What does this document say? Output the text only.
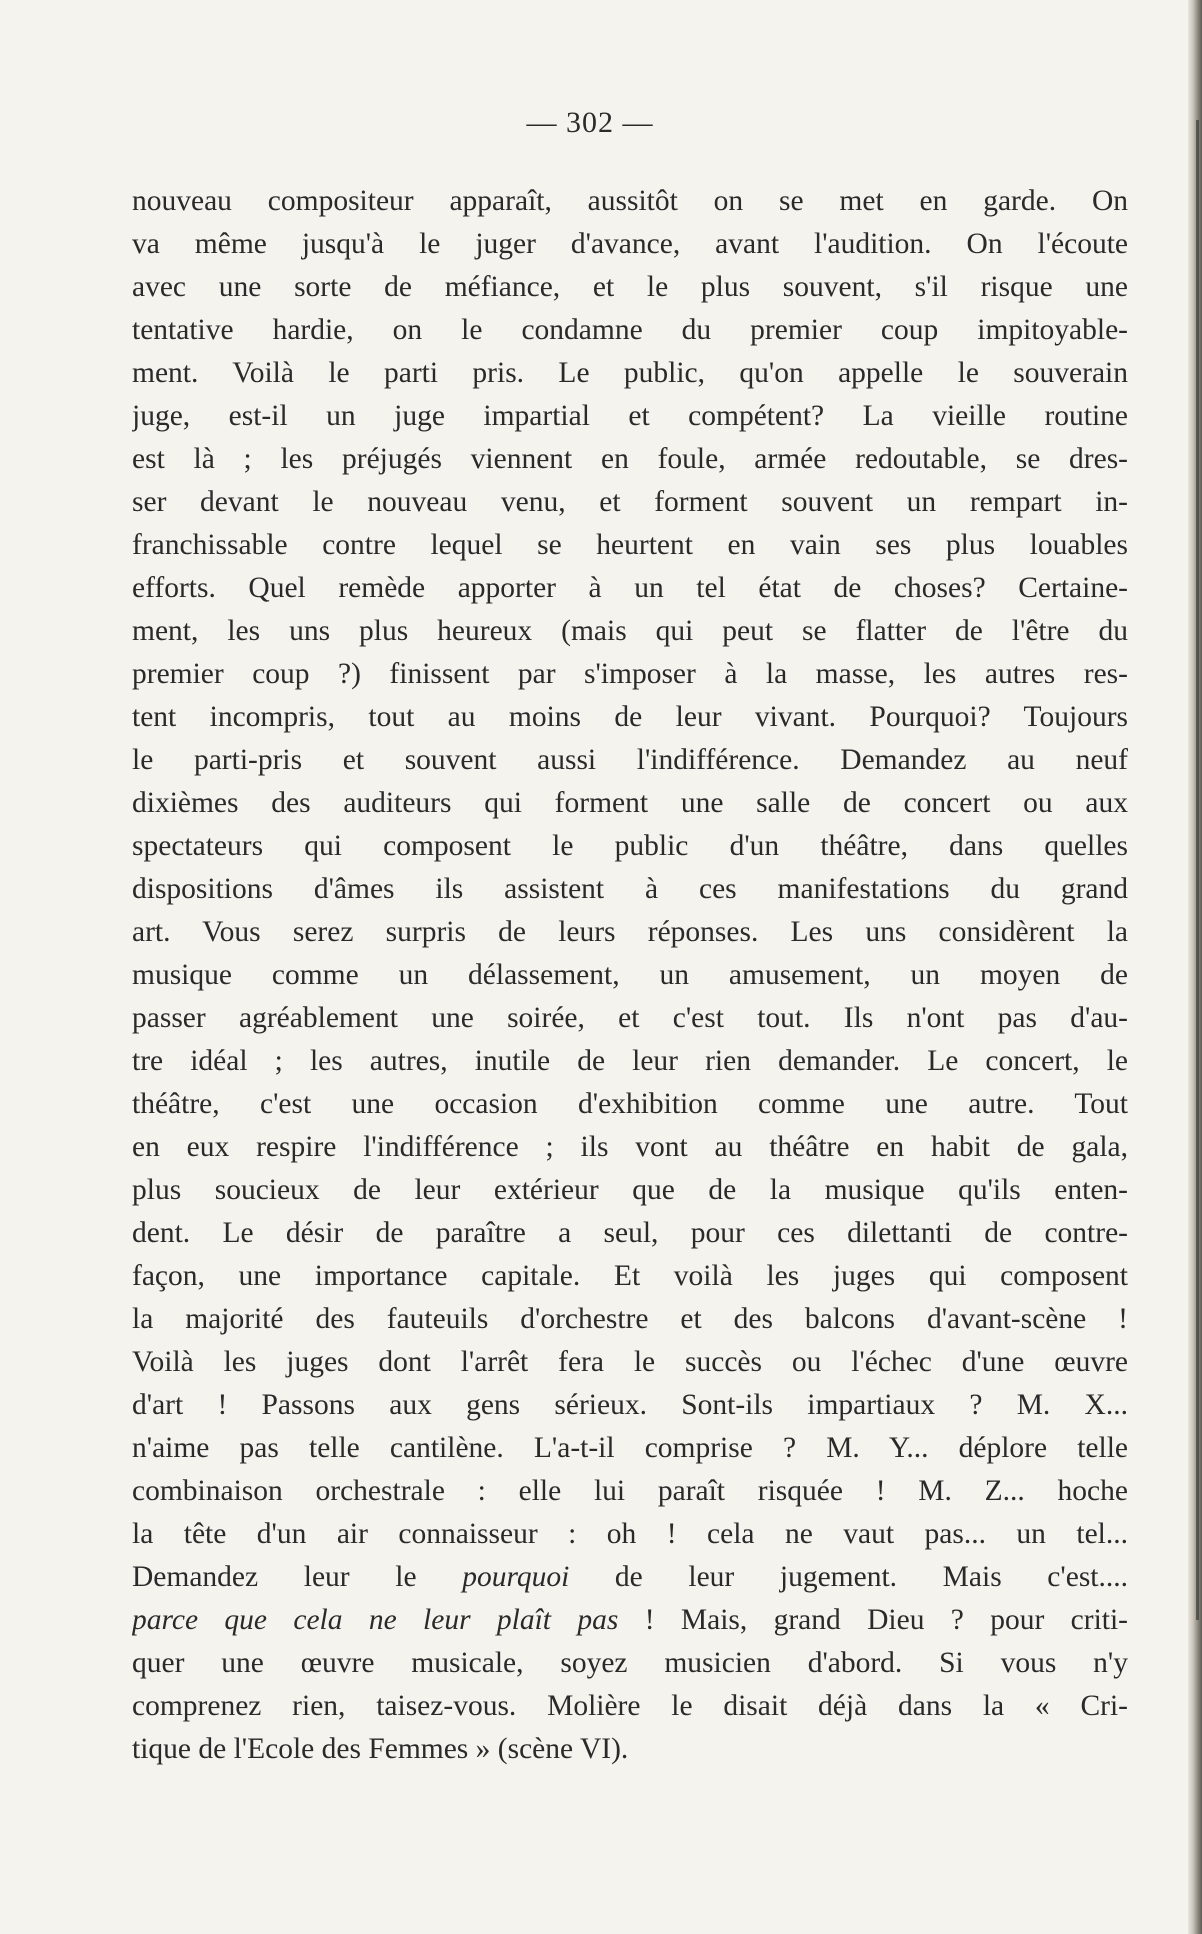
— 302 —
nouveau compositeur apparaît, aussitôt on se met en garde. On
va même jusqu'à le juger d'avance, avant l'audition. On l'écoute
avec une sorte de méfiance, et le plus souvent, s'il risque une
tentative hardie, on le condamne du premier coup impitoyable-
ment. Voilà le parti pris. Le public, qu'on appelle le souverain
juge, est-il un juge impartial et compétent? La vieille routine
est là ; les préjugés viennent en foule, armée redoutable, se dres-
ser devant le nouveau venu, et forment souvent un rempart in-
franchissable contre lequel se heurtent en vain ses plus louables
efforts. Quel remède apporter à un tel état de choses? Certaine-
ment, les uns plus heureux (mais qui peut se flatter de l'être du
premier coup ?) finissent par s'imposer à la masse, les autres res-
tent incompris, tout au moins de leur vivant. Pourquoi? Toujours
le parti-pris et souvent aussi l'indifférence. Demandez au neuf
dixièmes des auditeurs qui forment une salle de concert ou aux
spectateurs qui composent le public d'un théâtre, dans quelles
dispositions d'âmes ils assistent à ces manifestations du grand
art. Vous serez surpris de leurs réponses. Les uns considèrent la
musique comme un délassement, un amusement, un moyen de
passer agréablement une soirée, et c'est tout. Ils n'ont pas d'au-
tre idéal ; les autres, inutile de leur rien demander. Le concert, le
théâtre, c'est une occasion d'exhibition comme une autre. Tout
en eux respire l'indifférence ; ils vont au théâtre en habit de gala,
plus soucieux de leur extérieur que de la musique qu'ils enten-
dent. Le désir de paraître a seul, pour ces dilettanti de contre-
façon, une importance capitale. Et voilà les juges qui composent
la majorité des fauteuils d'orchestre et des balcons d'avant-scène !
Voilà les juges dont l'arrêt fera le succès ou l'échec d'une œuvre
d'art ! Passons aux gens sérieux. Sont-ils impartiaux ? M. X...
n'aime pas telle cantilène. L'a-t-il comprise ? M. Y... déplore telle
combinaison orchestrale : elle lui paraît risquée ! M. Z... hoche
la tête d'un air connaisseur : oh ! cela ne vaut pas... un tel...
Demandez leur le pourquoi de leur jugement. Mais c'est....
parce que cela ne leur plaît pas ! Mais, grand Dieu ? pour criti-
quer une œuvre musicale, soyez musicien d'abord. Si vous n'y
comprenez rien, taisez-vous. Molière le disait déjà dans la « Cri-
tique de l'Ecole des Femmes » (scène VI).
